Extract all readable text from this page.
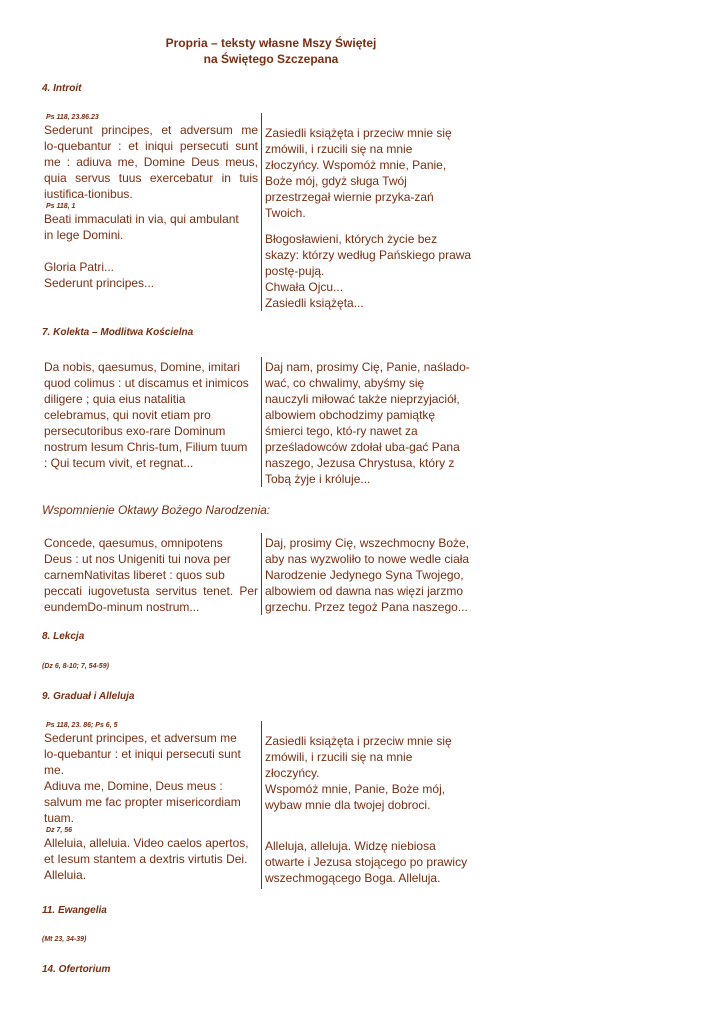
Propria – teksty własne Mszy Świętej
na Świętego Szczepana
4. Introit
Ps 118, 23.86.23
Sederunt principes, et adversum me
lo-quebantur : et iniqui persecuti sunt
me : adiuva me, Domine Deus meus,
quia servus tuus exercebatur in tuis
iustifica-tionibus.
Ps 118, 1
Beati immaculati in via, qui ambulant
in lege Domini.
Gloria Patri...
Sederunt principes...
Zasiedli książęta i przeciw mnie się
zmówili, i rzucili się na mnie
złoczyńcy. Wspomóż mnie, Panie,
Boże mój, gdyż sługa Twój
przestrzegał wiernie przyka-zań
Twoich.
Błogosławieni, których życie bez
skazy: którzy według Pańskiego prawa
postę-pują.
Chwała Ojcu...
Zasiedli książęta...
7. Kolekta – Modlitwa Kościelna
Da nobis, qaesumus, Domine, imitari
quod colimus : ut discamus et inimicos
diligere ; quia eius natalitia
celebramus, qui novit etiam pro
persecutoribus exo-rare Dominum
nostrum Iesum Chris-tum, Filium tuum
: Qui tecum vivit, et regnat...
Daj nam, prosimy Cię, Panie, naślado-
wać, co chwalimy, abyśmy się
nauczyli miłować także nieprzyjaciół,
albowiem obchodzimy pamiątkę
śmierci tego, któ-ry nawet za
prześladowców zdołał uba-gać Pana
naszego, Jezusa Chrystusa, który z
Tobą żyje i króluje...
Wspomnienie Oktawy Bożego Narodzenia:
Concede, qaesumus, omnipotens
Deus : ut nos Unigeniti tui nova per
carnemNativitas liberet : quos sub
peccati iugovetusta servitus tenet. Per
eundemDo-minum nostrum...
Daj, prosimy Cię, wszechmocny Boże,
aby nas wyzwoliło to nowe wedle ciała
Narodzenie Jedynego Syna Twojego,
albowiem od dawna nas więzi jarzmo
grzechu. Przez tegoż Pana naszego...
8. Lekcja
(Dz 6, 8-10; 7, 54-59)
9. Graduał i Alleluja
Ps 118, 23. 86; Ps 6, 5
Sederunt principes, et adversum me
lo-quebantur : et iniqui persecuti sunt
me.
Adiuva me, Domine, Deus meus :
salvum me fac propter misericordiam
tuam.
Dz 7, 56
Alleluia, alleluia. Video caelos apertos,
et Iesum stantem a dextris virtutis Dei.
Alleluia.
Zasiedli książęta i przeciw mnie się
zmówili, i rzucili się na mnie
złoczyńcy.
Wspomóż mnie, Panie, Boże mój,
wybaw mnie dla twojej dobroci.
Alleluja, alleluja. Widzę niebiosa
otwarte i Jezusa stojącego po prawicy
wszechmogącego Boga. Alleluja.
11. Ewangelia
(Mt 23, 34-39)
14. Ofertorium
